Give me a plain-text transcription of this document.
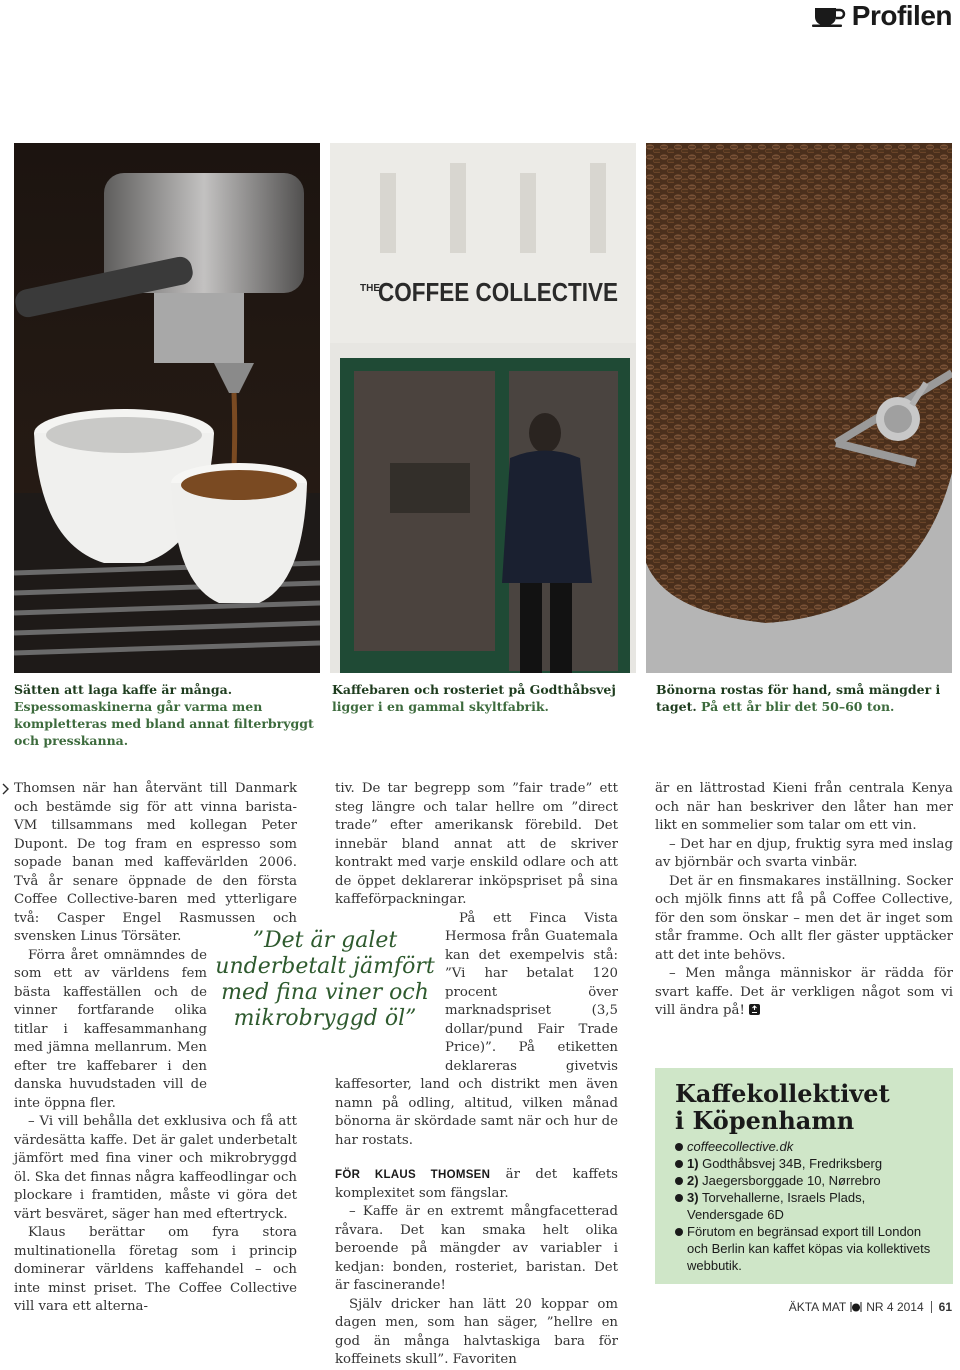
Profilen
THE
COFFEE COLLECTIVE
Sätten att laga kaffe är många. Espessomaskinerna går varma men kompletteras med bland annat filterbryggt och presskanna.
Kaffebaren och rosteriet på Godthåbsvej ligger i en gammal skyltfabrik.
Bönorna rostas för hand, små mängder i taget. På ett år blir det 50–60 ton.

Thomsen när han återvänt till Danmark och bestämde sig för att vinna barista-VM tillsammans med kollegan Peter Dupont. De tog fram en espresso som sopade banan med kaffevärlden 2006. Två år senare öppnade de den första Coffee Collective-baren med ytterligare två: Casper Engel Rasmussen och svensken Linus Törsäter.

Förra året omnämndes de som ett av världens fem bästa kaffeställen och de vinner fortfarande olika titlar i kaffesammanhang med jämna mellanrum. Men efter tre kaffebarer i den danska huvudstaden vill de inte öppna fler.

– Vi vill behålla det exklusiva och få att värdesätta kaffe. Det är galet underbetalt jämfört med fina viner och mikrobryggd öl. Ska det finnas några kaffeodlingar och plockare i framtiden, måste vi göra det värt besväret, säger han med eftertryck.

Klaus berättar om fyra stora multinationella företag som i princip dominerar världens kaffehandel – och inte minst priset. The Coffee Collective vill vara ett alterna-

tiv. De tar begrepp som ”fair trade” ett steg längre och talar hellre om ”direct trade” efter amerikansk förebild. Det innebär bland annat att de skriver kontrakt med varje enskild odlare och att de öppet deklarerar inköpspriset på sina kaffeförpackningar.

På ett Finca Vista Hermosa från Guatemala kan det exempelvis stå: ”Vi har betalat 120 procent över marknadspriset (3,5 dollar/pund Fair Trade Price)”. På etiketten deklareras givetvis kaffesorter, land och distrikt men även namn på odling, altitud, vilken månad bönorna är skördade samt när och hur de har rostats.

FÖR KLAUS THOMSEN är det kaffets komplexitet som fängslar.

– Kaffe är en extremt mångfacetterad råvara. Det kan smaka helt olika beroende på mängder av variabler i kedjan: bonden, rosteriet, baristan. Det är fascinerande!

Själv dricker han lätt 20 koppar om dagen men, som han säger, ”hellre en god än många halvtaskiga bara för koffeinets skull”. Favoriten

”Det är galet underbetalt jämfört med fina viner och mikrobryggd öl”

är en lättrostad Kieni från centrala Kenya och när han beskriver den låter han mer likt en sommelier som talar om ett vin.

– Det har en djup, fruktig syra med inslag av björnbär och svarta vinbär.

Det är en finsmakares inställning. Socker och mjölk finns att få på Coffee Collective, för den som önskar – men det är inget som står framme. Och allt fler gäster upptäcker att det inte behövs.

– Men många människor är rädda för svart kaffe. Det är verkligen något som vi vill ändra på!

Kaffekollektivet
i Köpenhamn
coffeecollective.dk
1) Godthåbsvej 34B, Fredriksberg
2) Jaegersborggade 10, Nørrebro
3) Torvehallerne, Israels Plads, Vendersgade 6D
Förutom en begränsad export till London och Berlin kan kaffet köpas via kollektivets webbutik.
ÄKTA MAT NR 4 2014 61
